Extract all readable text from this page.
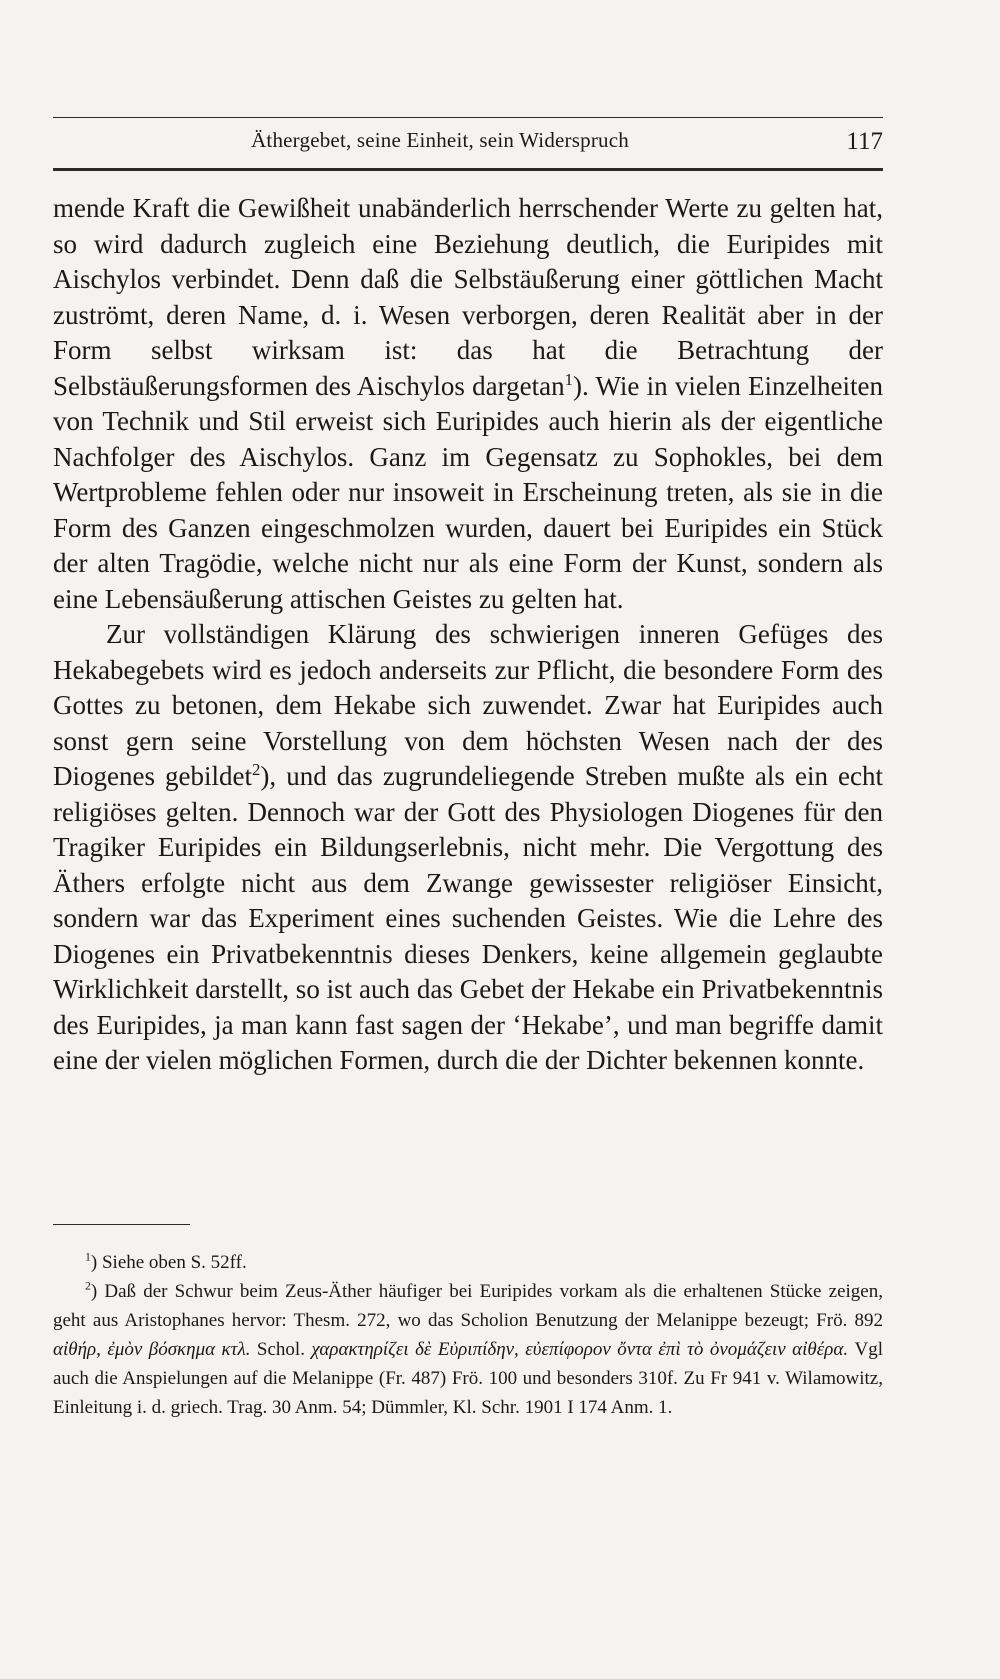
Äthergebet, seine Einheit, sein Widerspruch	117

mende Kraft die Gewißheit unabänderlich herrschender Werte zu gelten hat, so wird dadurch zugleich eine Beziehung deutlich, die Euripides mit Aischylos verbindet. Denn daß die Selbstäußerung einer göttlichen Macht zuströmt, deren Name, d. i. Wesen verborgen, deren Realität aber in der Form selbst wirksam ist: das hat die Betrachtung der Selbstäußerungsformen des Aischylos dargetan$^1$). Wie in vielen Einzelheiten von Technik und Stil erweist sich Euripides auch hierin als der eigentliche Nachfolger des Aischylos. Ganz im Gegensatz zu Sophokles, bei dem Wertprobleme fehlen oder nur insoweit in Erscheinung treten, als sie in die Form des Ganzen eingeschmolzen wurden, dauert bei Euripides ein Stück der alten Tragödie, welche nicht nur als eine Form der Kunst, sondern als eine Lebensäußerung attischen Geistes zu gelten hat.

Zur vollständigen Klärung des schwierigen inneren Gefüges des Hekabegebets wird es jedoch anderseits zur Pflicht, die besondere Form des Gottes zu betonen, dem Hekabe sich zuwendet. Zwar hat Euripides auch sonst gern seine Vorstellung von dem höchsten Wesen nach der des Diogenes gebildet$^2$), und das zugrundeliegende Streben mußte als ein echt religiöses gelten. Dennoch war der Gott des Physiologen Diogenes für den Tragiker Euripides ein Bildungserlebnis, nicht mehr. Die Vergottung des Äthers erfolgte nicht aus dem Zwange gewissester religiöser Einsicht, sondern war das Experiment eines suchenden Geistes. Wie die Lehre des Diogenes ein Privatbekenntnis dieses Denkers, keine allgemein geglaubte Wirklichkeit darstellt, so ist auch das Gebet der Hekabe ein Privatbekenntnis des Euripides, ja man kann fast sagen der ‘Hekabe’, und man begriffe damit eine der vielen möglichen Formen, durch die der Dichter bekennen konnte.

$^1$) Siehe oben S. 52ff.

$^2$) Daß der Schwur beim Zeus-Äther häufiger bei Euripides vorkam als die erhaltenen Stücke zeigen, geht aus Aristophanes hervor: Thesm. 272, wo das Scholion Benutzung der Melanippe bezeugt; Frö. 892 αἰθήρ, ἐμὸν βόσκημα κτλ. Schol. χαρακτηρίζει δὲ Εὐριπίδην, εὐεπίφορον ὄντα ἐπὶ τὸ ὀνομάζειν αἰθέρα. Vgl auch die Anspielungen auf die Melanippe (Fr. 487) Frö. 100 und besonders 310f. Zu Fr 941 v. Wilamowitz, Einleitung i. d. griech. Trag. 30 Anm. 54; Dümmler, Kl. Schr. 1901 I 174 Anm. 1.
